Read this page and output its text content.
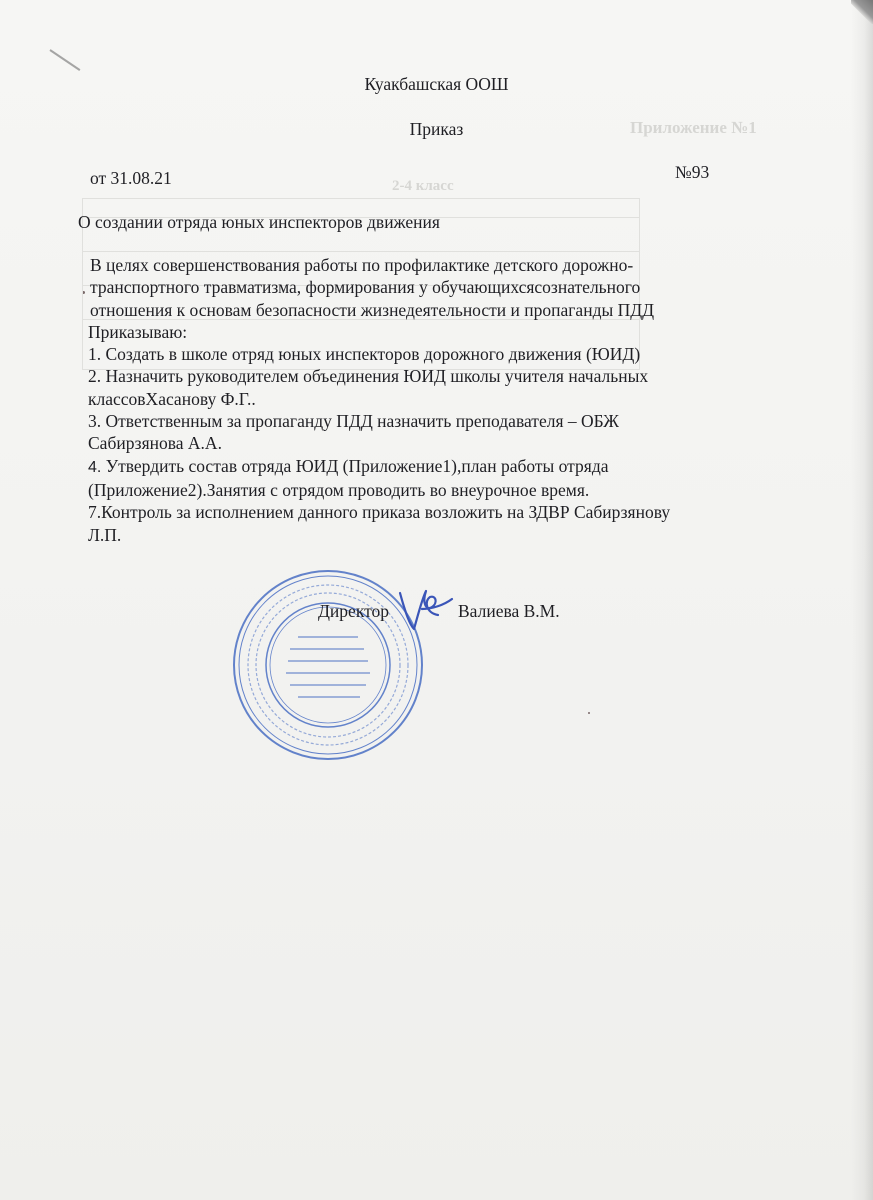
Приложение №1
2-4 класс
Куакбашская ООШ
Приказ
от 31.08.21	№93
О создании отряда юных инспекторов движения

В целях совершенствования работы по профилактике детского дорожно-

транспортного травматизма, формирования у обучающихсясознательного

отношения к основам безопасности жизнедеятельности и пропаганды ПДД

Приказываю:

1. Создать в школе отряд юных инспекторов дорожного движения (ЮИД)

2. Назначить руководителем объединения ЮИД школы учителя начальных

классовХасанову Ф.Г..

3. Ответственным за пропаганду ПДД назначить преподавателя – ОБЖ

Сабирзянова А.А.

4. Утвердить состав отряда ЮИД (Приложение1),план работы отряда

(Приложение2).Занятия с отрядом проводить во внеурочное время.

7.Контроль за исполнением данного приказа возложить на ЗДВР Сабирзянову

Л.П.

Директор	Валиева В.М.
